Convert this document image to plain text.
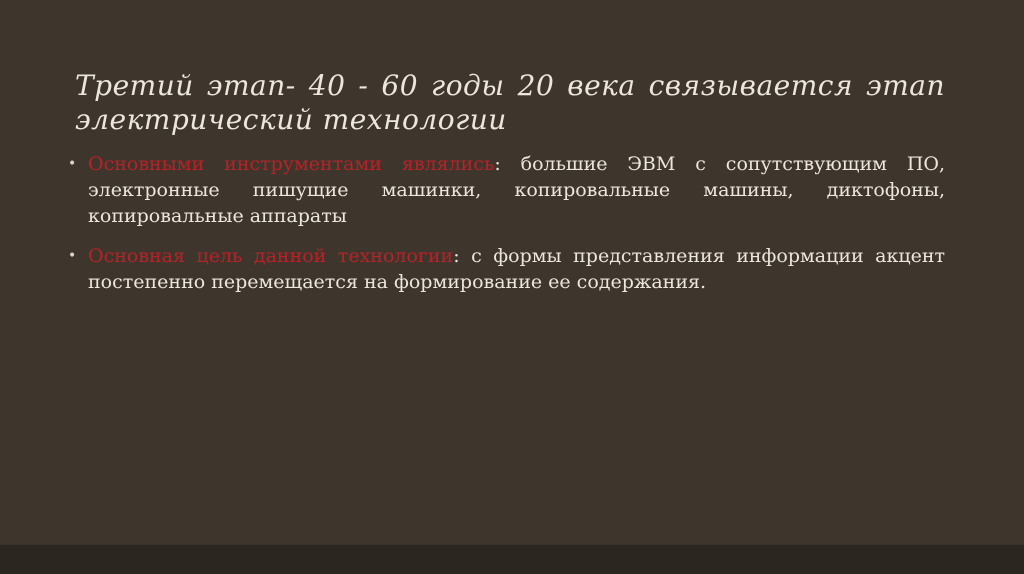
Третий этап- 40 - 60 годы 20 века связывается этап
электрический технологии
• Основными инструментами являлись: большие ЭВМ с сопутствующим ПО,
электронные пишущие машинки, копировальные машины, диктофоны,
копировальные аппараты
• Основная цель данной технологии: с формы представления информации акцент
постепенно перемещается на формирование ее содержания.
